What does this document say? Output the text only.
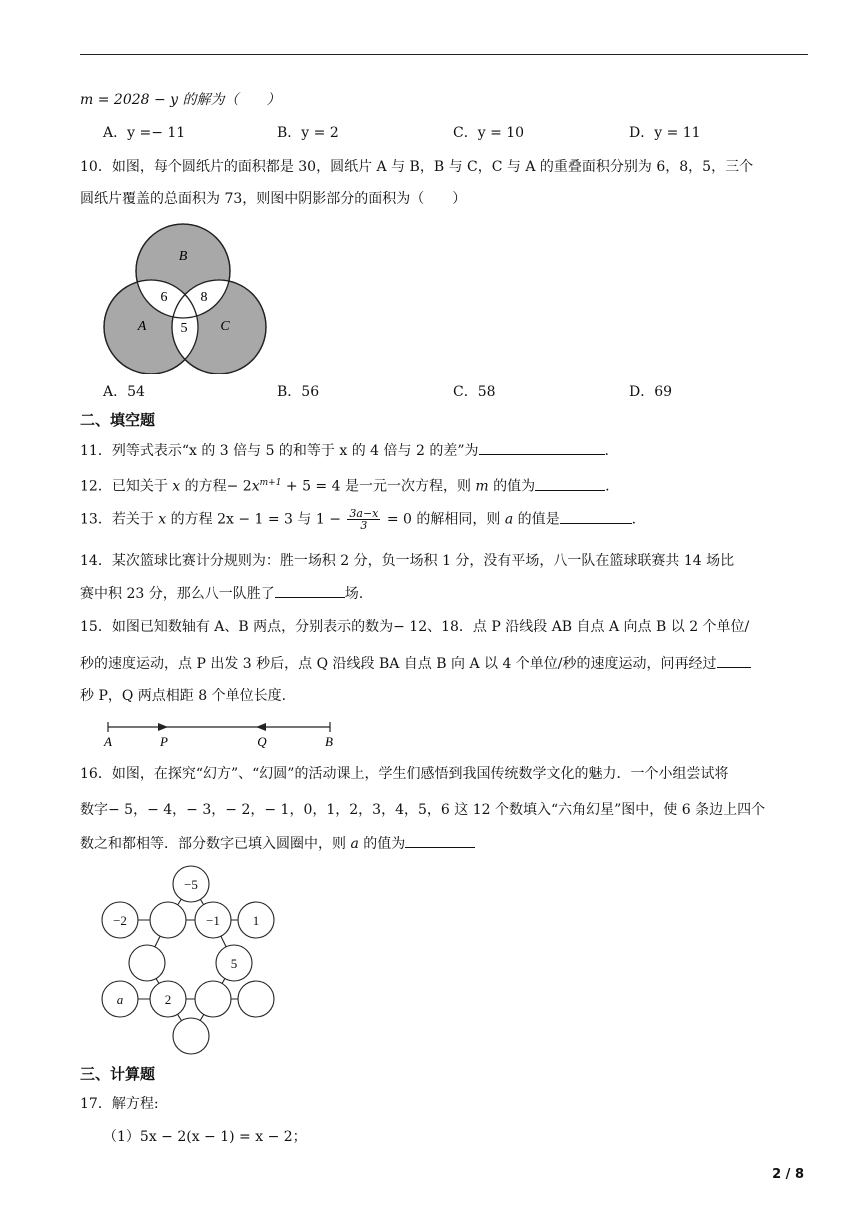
m = 2028 − y 的解为（　　）
A．y =− 11	B．y = 2	C．y = 10	D．y = 11
10．如图，每个圆纸片的面积都是 30，圆纸片 A 与 B，B 与 C，C 与 A 的重叠面积分别为 6，8，5，三个
圆纸片覆盖的总面积为 73，则图中阴影部分的面积为（　　）
B
A	C
6 8
5
A．54	B．56	C．58	D．69
二、填空题
11．列等式表示“x 的 3 倍与 5 的和等于 x 的 4 倍与 2 的差”为	.
12．已知关于 x 的方程− $2x^{m+1} + 5 = 4$ 是一元一次方程，则 m 的值为	.
13．若关于 x 的方程 2x − 1 = 3 与 $1 - \frac{3a-x}{3} = 0$ 的解相同，则 a 的值是	.
14．某次篮球比赛计分规则为：胜一场积 2 分，负一场积 1 分，没有平场，八一队在篮球联赛共 14 场比
赛中积 23 分，那么八一队胜了	场.
15．如图已知数轴有 A、B 两点，分别表示的数为− 12、18．点 P 沿线段 AB 自点 A 向点 B 以 2 个单位/
秒的速度运动，点 P 出发 3 秒后，点 Q 沿线段 BA 自点 B 向 A 以 4 个单位/秒的速度运动，问再经过
秒 P，Q 两点相距 8 个单位长度.
A	P	Q	B
16．如图，在探究“幻方”、“幻圆”的活动课上，学生们感悟到我国传统数学文化的魅力．一个小组尝试将
数字− 5，− 4，− 3，− 2，− 1，0，1，2，3，4，5，6 这 12 个数填入“六角幻星”图中，使 6 条边上四个
数之和都相等．部分数字已填入圆圈中，则 a 的值为
−5
−2	−1	1
5
a	2
三、计算题
17．解方程:
（1）5x − 2(x − 1) = x − 2；
2 / 8
